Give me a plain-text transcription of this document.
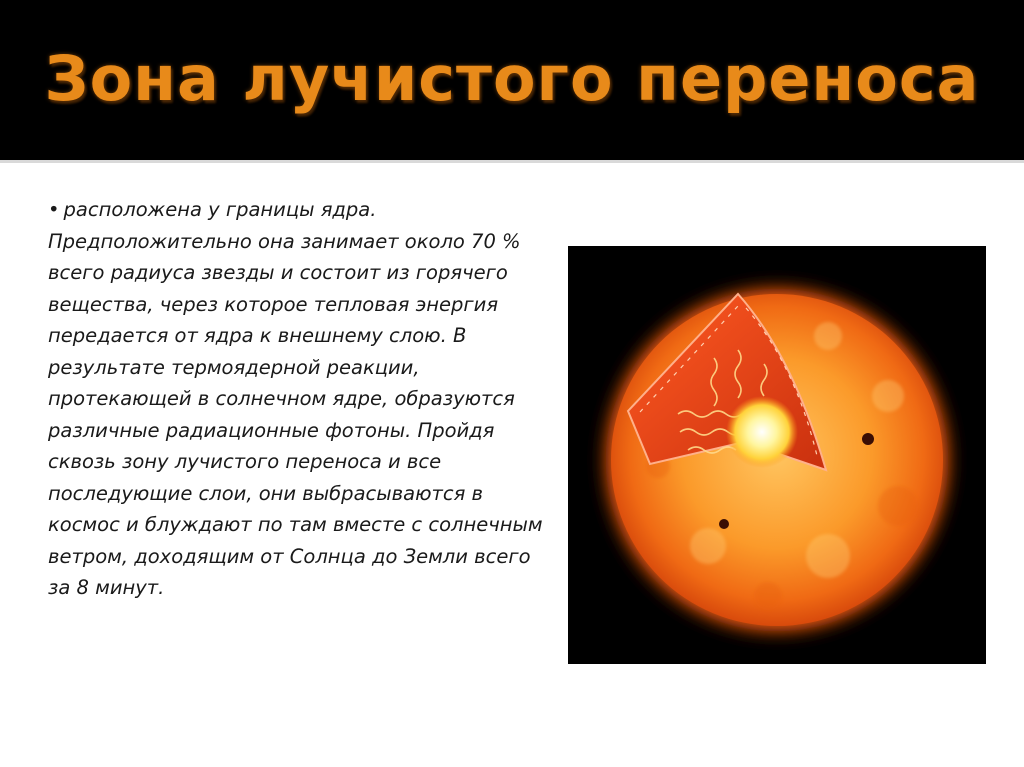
Зона лучистого переноса

• расположена у границы ядра. Предположительно она занимает около 70 % всего радиуса звезды и состоит из горячего вещества, через которое тепловая энергия передается от ядра к внешнему слою. В результате термоядерной реакции, протекающей в солнечном ядре, образуются различные радиационные фотоны. Пройдя сквозь зону лучистого переноса и все последующие слои, они выбрасываются в космос и блуждают по там вместе с солнечным ветром, доходящим от Солнца до Земли всего за 8 минут.
